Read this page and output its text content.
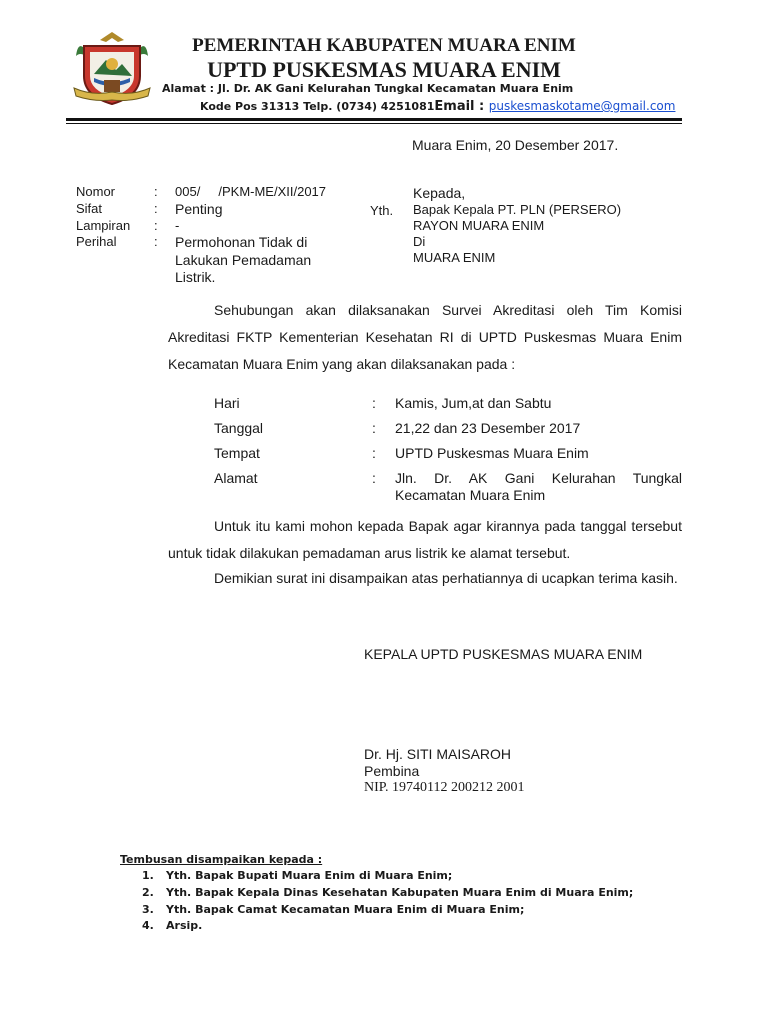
PEMERINTAH KABUPATEN MUARA ENIM
UPTD PUSKESMAS MUARA ENIM
Alamat : Jl. Dr. AK Gani Kelurahan Tungkal Kecamatan Muara Enim
Kode Pos 31313 Telp. (0734) 4251081Email : puskesmaskotame@gmail.com
Muara Enim, 20 Desember 2017.
Nomor	: 005/     /PKM-ME/XII/2017
Sifat	: Penting
Lampiran : -
Perihal	: Permohonan Tidak di
Lakukan Pemadaman
Listrik.
Yth.
Kepada,
Bapak Kepala PT. PLN (PERSERO)
RAYON MUARA ENIM
Di
MUARA ENIM
Sehubungan akan dilaksanakan Survei Akreditasi oleh Tim Komisi Akreditasi FKTP Kementerian Kesehatan RI di UPTD Puskesmas Muara Enim Kecamatan Muara Enim yang akan dilaksanakan pada :
Hari	: Kamis, Jum,at dan Sabtu
Tanggal	: 21,22 dan 23 Desember 2017
Tempat	: UPTD Puskesmas Muara Enim
Alamat	: Jln. Dr. AK Gani Kelurahan Tungkal Kecamatan Muara Enim
Untuk itu kami mohon kepada Bapak agar kirannya pada tanggal tersebut untuk tidak dilakukan pemadaman arus listrik ke alamat tersebut.
Demikian surat ini disampaikan atas perhatiannya di ucapkan terima kasih.
KEPALA UPTD PUSKESMAS MUARA ENIM
Dr. Hj. SITI MAISAROH
Pembina
NIP. 19740112 200212 2001
Tembusan disampaikan kepada :
1. Yth. Bapak Bupati Muara Enim di Muara Enim;
2. Yth. Bapak Kepala Dinas Kesehatan Kabupaten Muara Enim di Muara Enim;
3. Yth. Bapak Camat Kecamatan Muara Enim di Muara Enim;
4. Arsip.
